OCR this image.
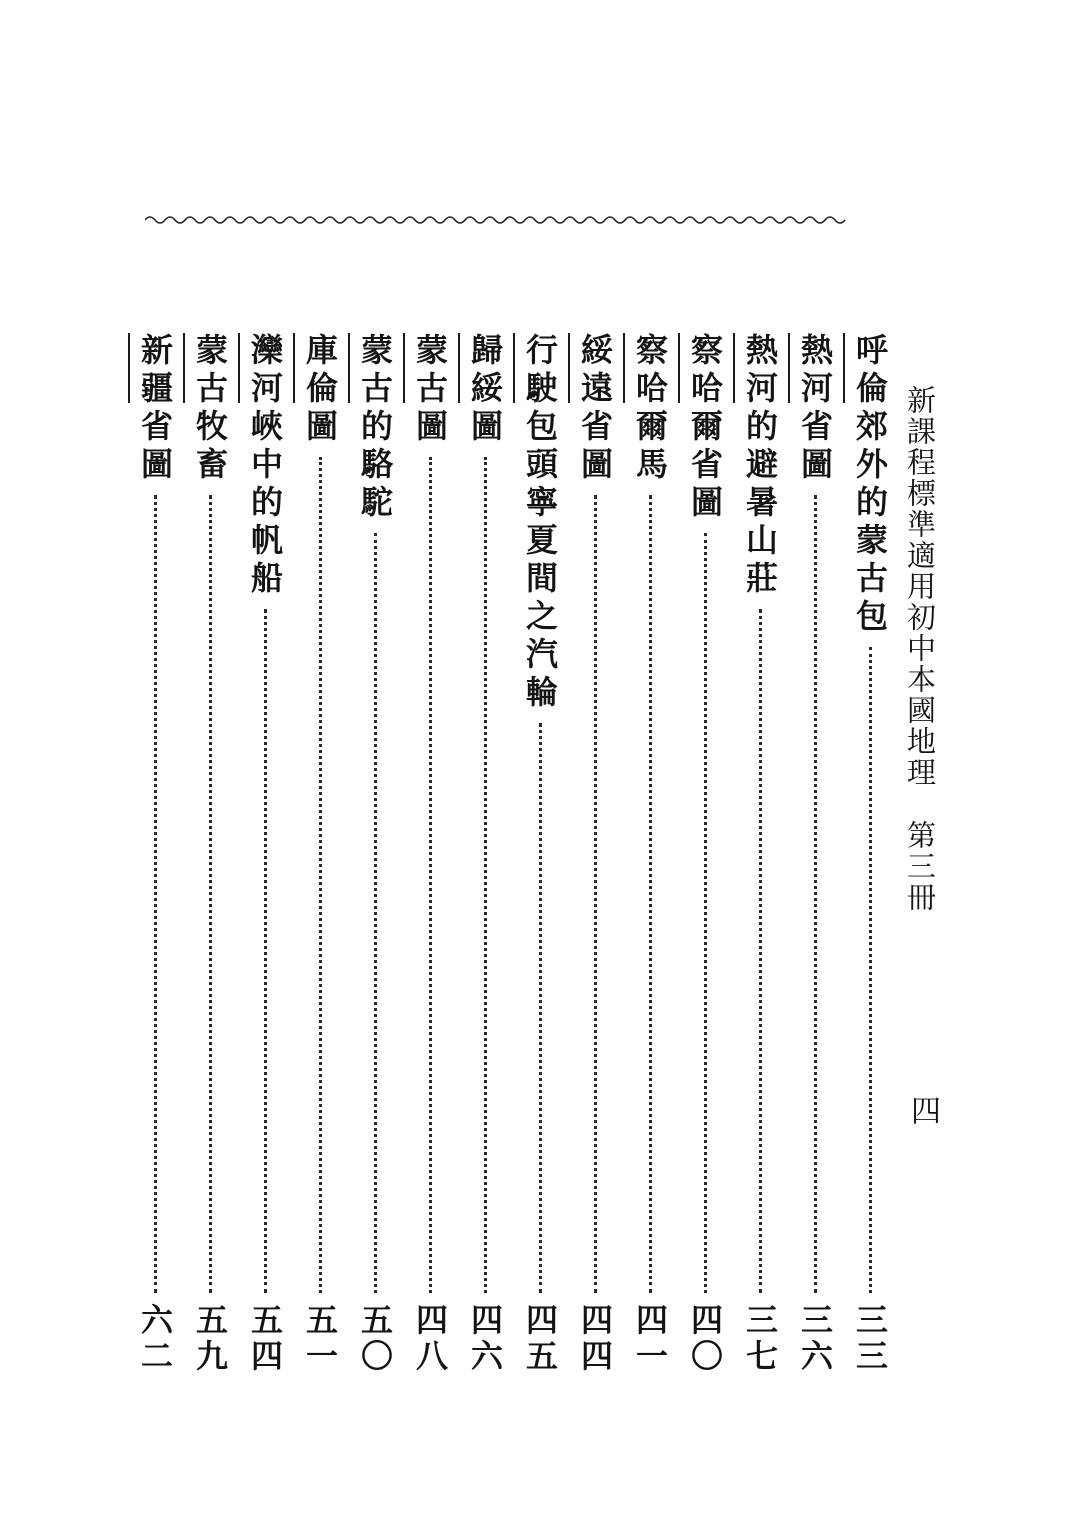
新課程標準適用初中本國地理第三冊
四
呼倫郊外的蒙古包
三三
熱河省圖
三六
熱河的避暑山莊
三七
察哈爾省圖
四〇
察哈爾馬
四一
綏遠省圖
四四
行駛包頭寧夏間之汽輪
四五
歸綏圖
四六
蒙古圖
四八
蒙古的駱駝
五〇
庫倫圖
五一
灤河峽中的帆船
五四
蒙古牧畜
五九
新疆省圖
六二
